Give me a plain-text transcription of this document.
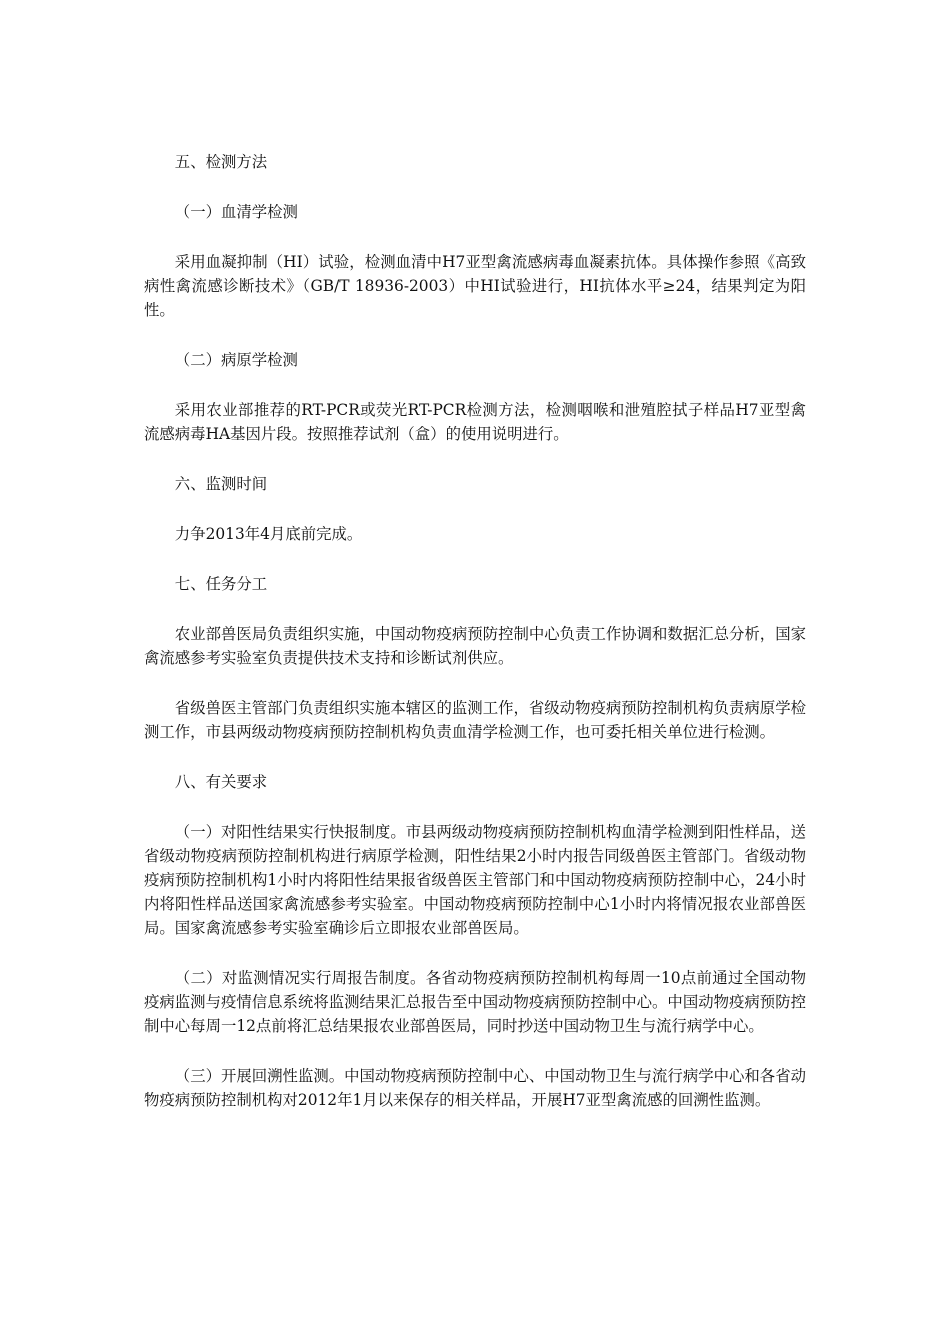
五、检测方法

（一）血清学检测

采用血凝抑制（HI）试验，检测血清中H7亚型禽流感病毒血凝素抗体。具体操作参照《高致病性禽流感诊断技术》（GB/T 18936-2003）中HI试验进行，HI抗体水平≥24，结果判定为阳性。

（二）病原学检测

采用农业部推荐的RT-PCR或荧光RT-PCR检测方法，检测咽喉和泄殖腔拭子样品H7亚型禽流感病毒HA基因片段。按照推荐试剂（盒）的使用说明进行。

六、监测时间

力争2013年4月底前完成。

七、任务分工

农业部兽医局负责组织实施，中国动物疫病预防控制中心负责工作协调和数据汇总分析，国家禽流感参考实验室负责提供技术支持和诊断试剂供应。

省级兽医主管部门负责组织实施本辖区的监测工作，省级动物疫病预防控制机构负责病原学检测工作，市县两级动物疫病预防控制机构负责血清学检测工作，也可委托相关单位进行检测。

八、有关要求

（一）对阳性结果实行快报制度。市县两级动物疫病预防控制机构血清学检测到阳性样品，送省级动物疫病预防控制机构进行病原学检测，阳性结果2小时内报告同级兽医主管部门。省级动物疫病预防控制机构1小时内将阳性结果报省级兽医主管部门和中国动物疫病预防控制中心，24小时内将阳性样品送国家禽流感参考实验室。中国动物疫病预防控制中心1小时内将情况报农业部兽医局。国家禽流感参考实验室确诊后立即报农业部兽医局。

（二）对监测情况实行周报告制度。各省动物疫病预防控制机构每周一10点前通过全国动物疫病监测与疫情信息系统将监测结果汇总报告至中国动物疫病预防控制中心。中国动物疫病预防控制中心每周一12点前将汇总结果报农业部兽医局，同时抄送中国动物卫生与流行病学中心。

（三）开展回溯性监测。中国动物疫病预防控制中心、中国动物卫生与流行病学中心和各省动物疫病预防控制机构对2012年1月以来保存的相关样品，开展H7亚型禽流感的回溯性监测。
